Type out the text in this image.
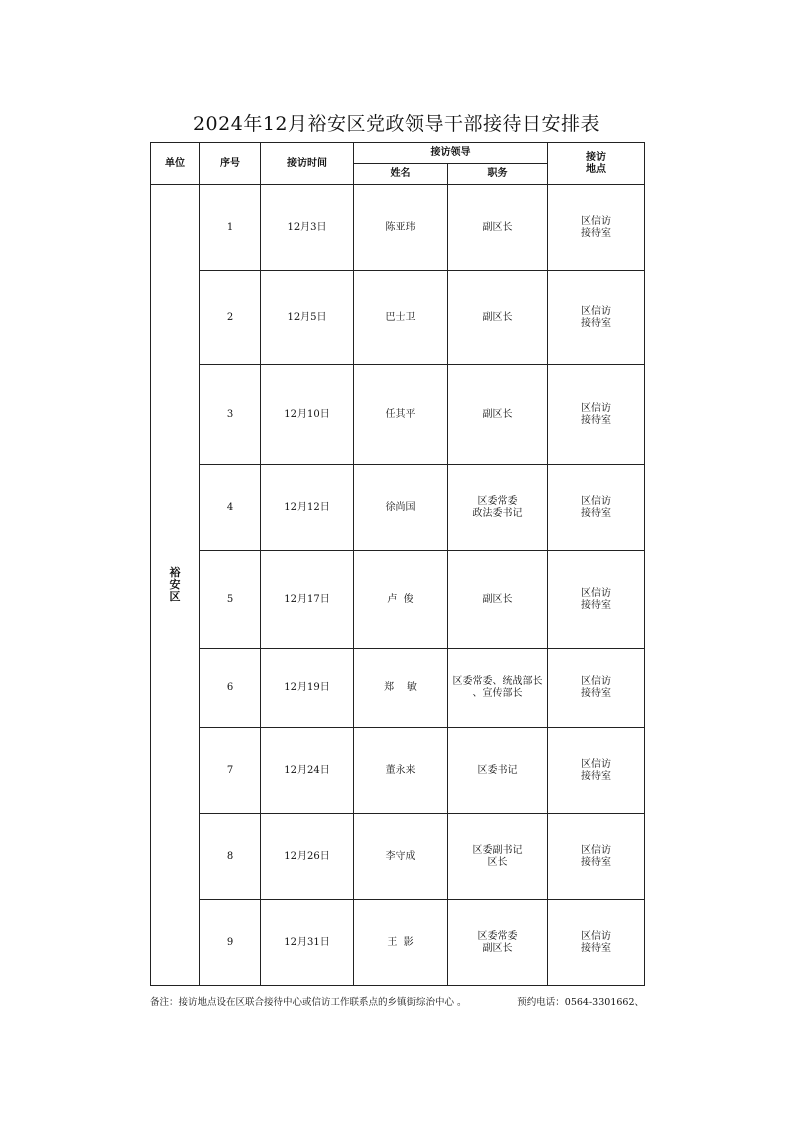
2024年12月裕安区党政领导干部接待日安排表
单位	序号	接访时间	接访领导		接访
地点
			姓名	职务	
裕
安
区	1	12月3日	陈亚玮	副区长	区信访
接待室
	2	12月5日	巴士卫	副区长	区信访
接待室
	3	12月10日	任其平	副区长	区信访
接待室
	4	12月12日	徐尚国	区委常委
政法委书记	区信访
接待室
	5	12月17日	卢  俊	副区长	区信访
接待室
	6	12月19日	郑    敏	区委常委、统战部长
、宣传部长	区信访
接待室
	7	12月24日	董永来	区委书记	区信访
接待室
	8	12月26日	李守成	区委副书记
区长	区信访
接待室
	9	12月31日	王  影	区委常委
副区长	区信访
接待室
备注：接访地点设在区联合接待中心或信访工作联系点的乡镇街综治中心 。	预约电话：0564-3301662、
